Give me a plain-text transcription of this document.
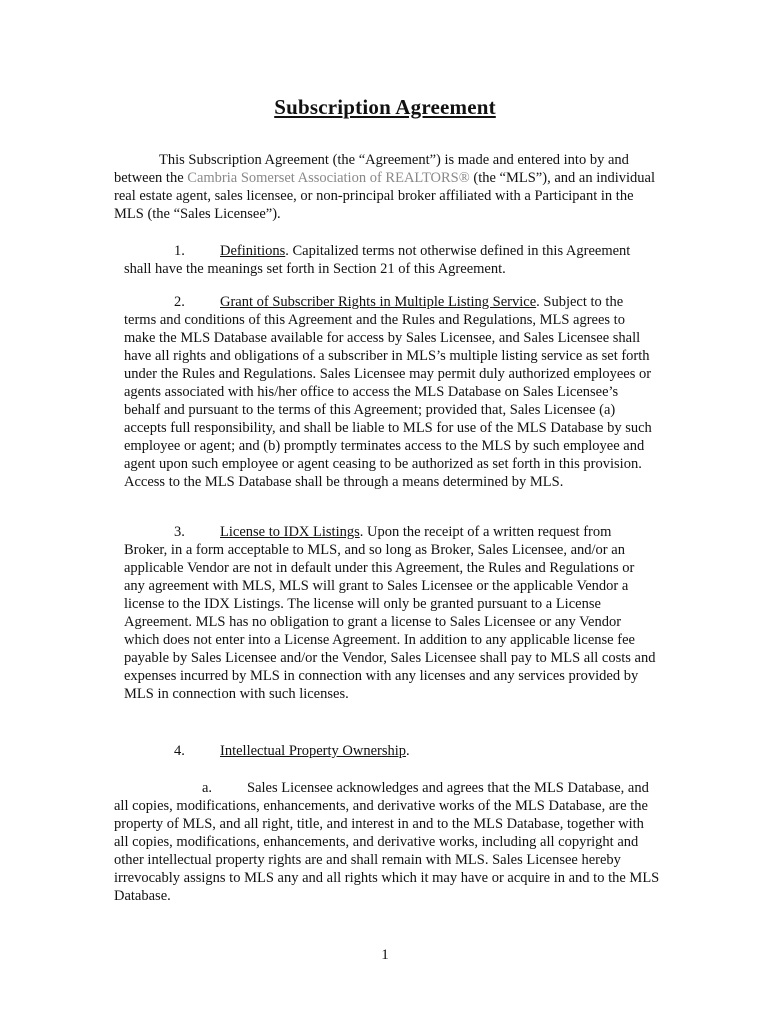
Subscription Agreement
This Subscription Agreement (the “Agreement”) is made and entered into by and between the Cambria Somerset Association of REALTORS® (the “MLS”), and an individual real estate agent, sales licensee, or non-principal broker affiliated with a Participant in the MLS (the “Sales Licensee”).
1. Definitions. Capitalized terms not otherwise defined in this Agreement shall have the meanings set forth in Section 21 of this Agreement.
2. Grant of Subscriber Rights in Multiple Listing Service. Subject to the terms and conditions of this Agreement and the Rules and Regulations, MLS agrees to make the MLS Database available for access by Sales Licensee, and Sales Licensee shall have all rights and obligations of a subscriber in MLS’s multiple listing service as set forth under the Rules and Regulations. Sales Licensee may permit duly authorized employees or agents associated with his/her office to access the MLS Database on Sales Licensee’s behalf and pursuant to the terms of this Agreement; provided that, Sales Licensee (a) accepts full responsibility, and shall be liable to MLS for use of the MLS Database by such employee or agent; and (b) promptly terminates access to the MLS by such employee and agent upon such employee or agent ceasing to be authorized as set forth in this provision. Access to the MLS Database shall be through a means determined by MLS.
3. License to IDX Listings. Upon the receipt of a written request from Broker, in a form acceptable to MLS, and so long as Broker, Sales Licensee, and/or an applicable Vendor are not in default under this Agreement, the Rules and Regulations or any agreement with MLS, MLS will grant to Sales Licensee or the applicable Vendor a license to the IDX Listings. The license will only be granted pursuant to a License Agreement. MLS has no obligation to grant a license to Sales Licensee or any Vendor which does not enter into a License Agreement. In addition to any applicable license fee payable by Sales Licensee and/or the Vendor, Sales Licensee shall pay to MLS all costs and expenses incurred by MLS in connection with any licenses and any services provided by MLS in connection with such licenses.
4. Intellectual Property Ownership.
a. Sales Licensee acknowledges and agrees that the MLS Database, and all copies, modifications, enhancements, and derivative works of the MLS Database, are the property of MLS, and all right, title, and interest in and to the MLS Database, together with all copies, modifications, enhancements, and derivative works, including all copyright and other intellectual property rights are and shall remain with MLS. Sales Licensee hereby irrevocably assigns to MLS any and all rights which it may have or acquire in and to the MLS Database.
1
